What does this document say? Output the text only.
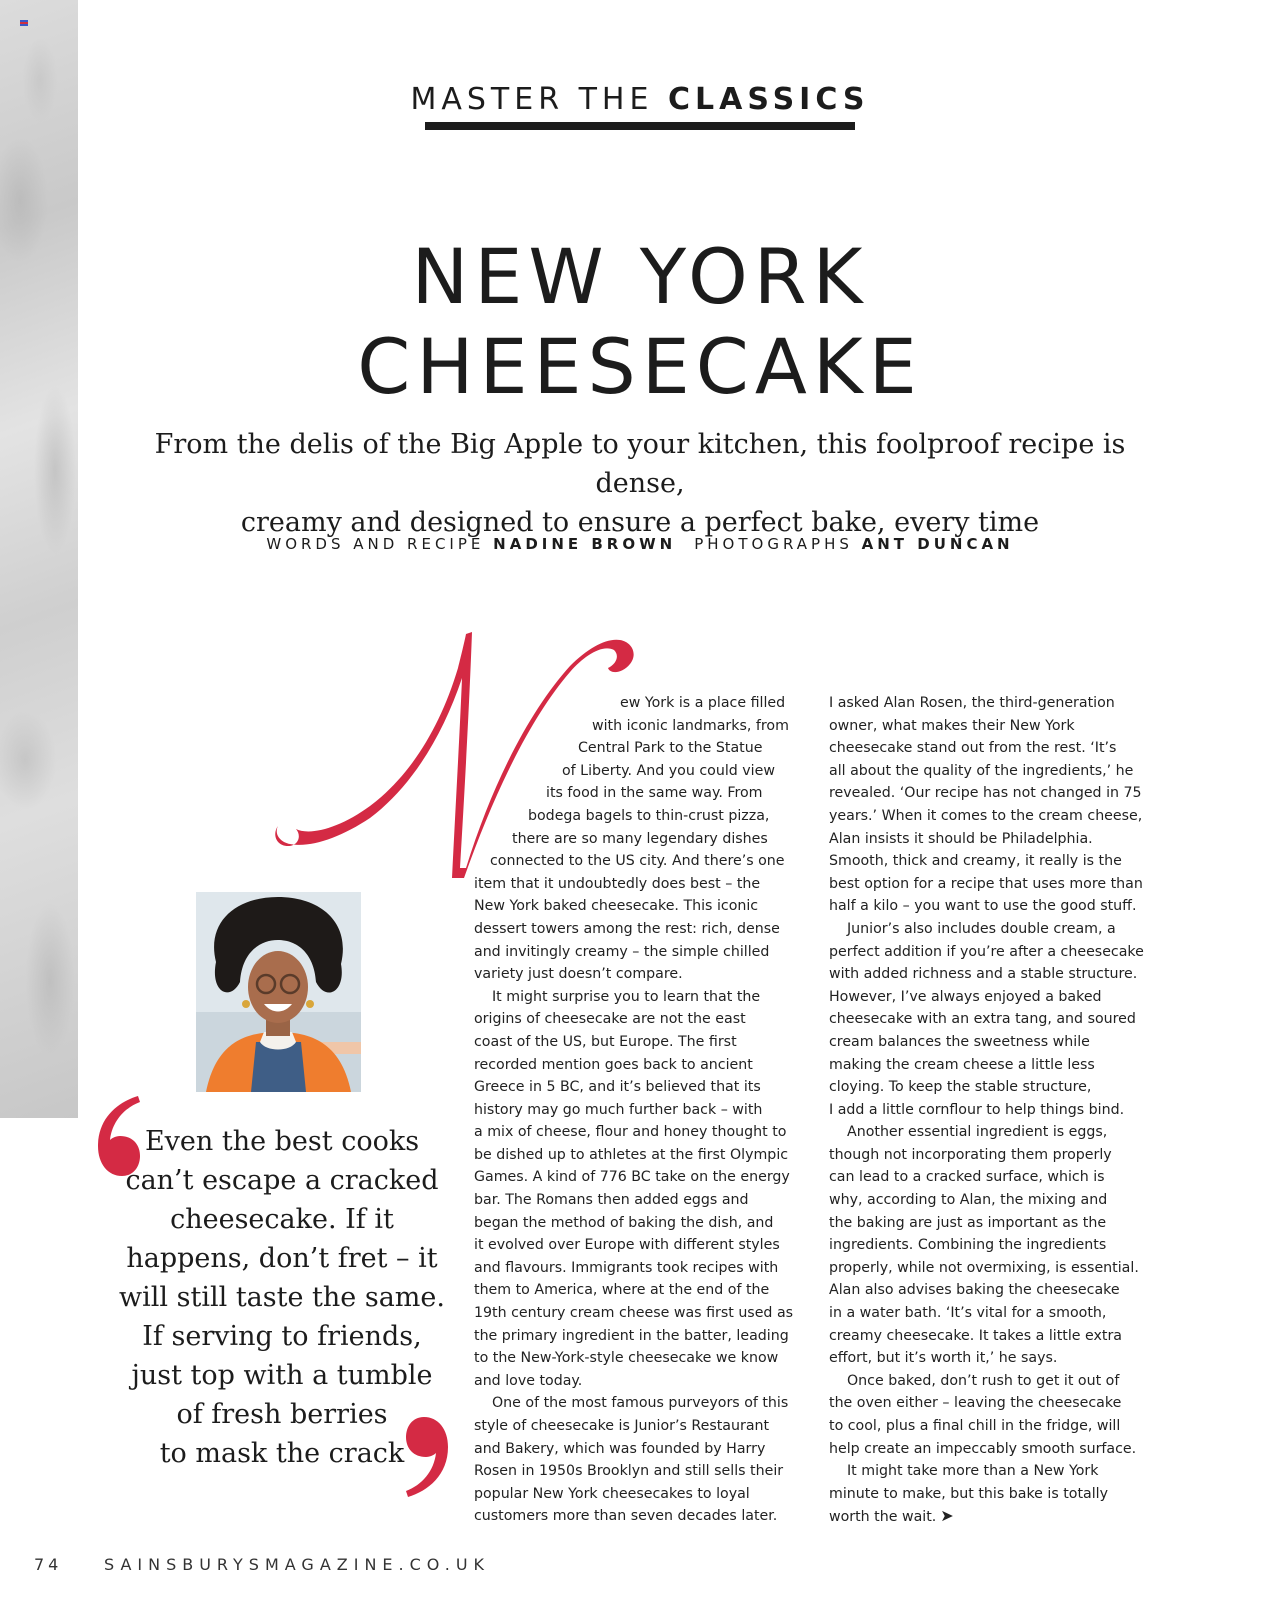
MASTER THE CLASSICS
NEW YORK
CHEESECAKE
From the delis of the Big Apple to your kitchen, this foolproof recipe is dense,
creamy and designed to ensure a perfect bake, every time
WORDS AND RECIPE NADINE BROWN PHOTOGRAPHS ANT DUNCAN
Even the best cooks
can’t escape a cracked
cheesecake. If it
happens, don’t fret – it
will still taste the same.
If serving to friends,
just top with a tumble
of fresh berries
to mask the crack
ew York is a place filled
with iconic landmarks, from
Central Park to the Statue
of Liberty. And you could view
its food in the same way. From
bodega bagels to thin-crust pizza,
there are so many legendary dishes
connected to the US city. And there’s one
item that it undoubtedly does best – the
New York baked cheesecake. This iconic
dessert towers among the rest: rich, dense
and invitingly creamy – the simple chilled
variety just doesn’t compare.
It might surprise you to learn that the
origins of cheesecake are not the east
coast of the US, but Europe. The first
recorded mention goes back to ancient
Greece in 5 BC, and it’s believed that its
history may go much further back – with
a mix of cheese, flour and honey thought to
be dished up to athletes at the first Olympic
Games. A kind of 776 BC take on the energy
bar. The Romans then added eggs and
began the method of baking the dish, and
it evolved over Europe with different styles
and flavours. Immigrants took recipes with
them to America, where at the end of the
19th century cream cheese was first used as
the primary ingredient in the batter, leading
to the New-York-style cheesecake we know
and love today.
One of the most famous purveyors of this
style of cheesecake is Junior’s Restaurant
and Bakery, which was founded by Harry
Rosen in 1950s Brooklyn and still sells their
popular New York cheesecakes to loyal
customers more than seven decades later.
I asked Alan Rosen, the third-generation
owner, what makes their New York
cheesecake stand out from the rest. ‘It’s
all about the quality of the ingredients,’ he
revealed. ‘Our recipe has not changed in 75
years.’ When it comes to the cream cheese,
Alan insists it should be Philadelphia.
Smooth, thick and creamy, it really is the
best option for a recipe that uses more than
half a kilo – you want to use the good stuff.
Junior’s also includes double cream, a
perfect addition if you’re after a cheesecake
with added richness and a stable structure.
However, I’ve always enjoyed a baked
cheesecake with an extra tang, and soured
cream balances the sweetness while
making the cream cheese a little less
cloying. To keep the stable structure,
I add a little cornflour to help things bind.
Another essential ingredient is eggs,
though not incorporating them properly
can lead to a cracked surface, which is
why, according to Alan, the mixing and
the baking are just as important as the
ingredients. Combining the ingredients
properly, while not overmixing, is essential.
Alan also advises baking the cheesecake
in a water bath. ‘It’s vital for a smooth,
creamy cheesecake. It takes a little extra
effort, but it’s worth it,’ he says.
Once baked, don’t rush to get it out of
the oven either – leaving the cheesecake
to cool, plus a final chill in the fridge, will
help create an impeccably smooth surface.
It might take more than a New York
minute to make, but this bake is totally
worth the wait. ➤
74	SAINSBURYSMAGAZINE.CO.UK
